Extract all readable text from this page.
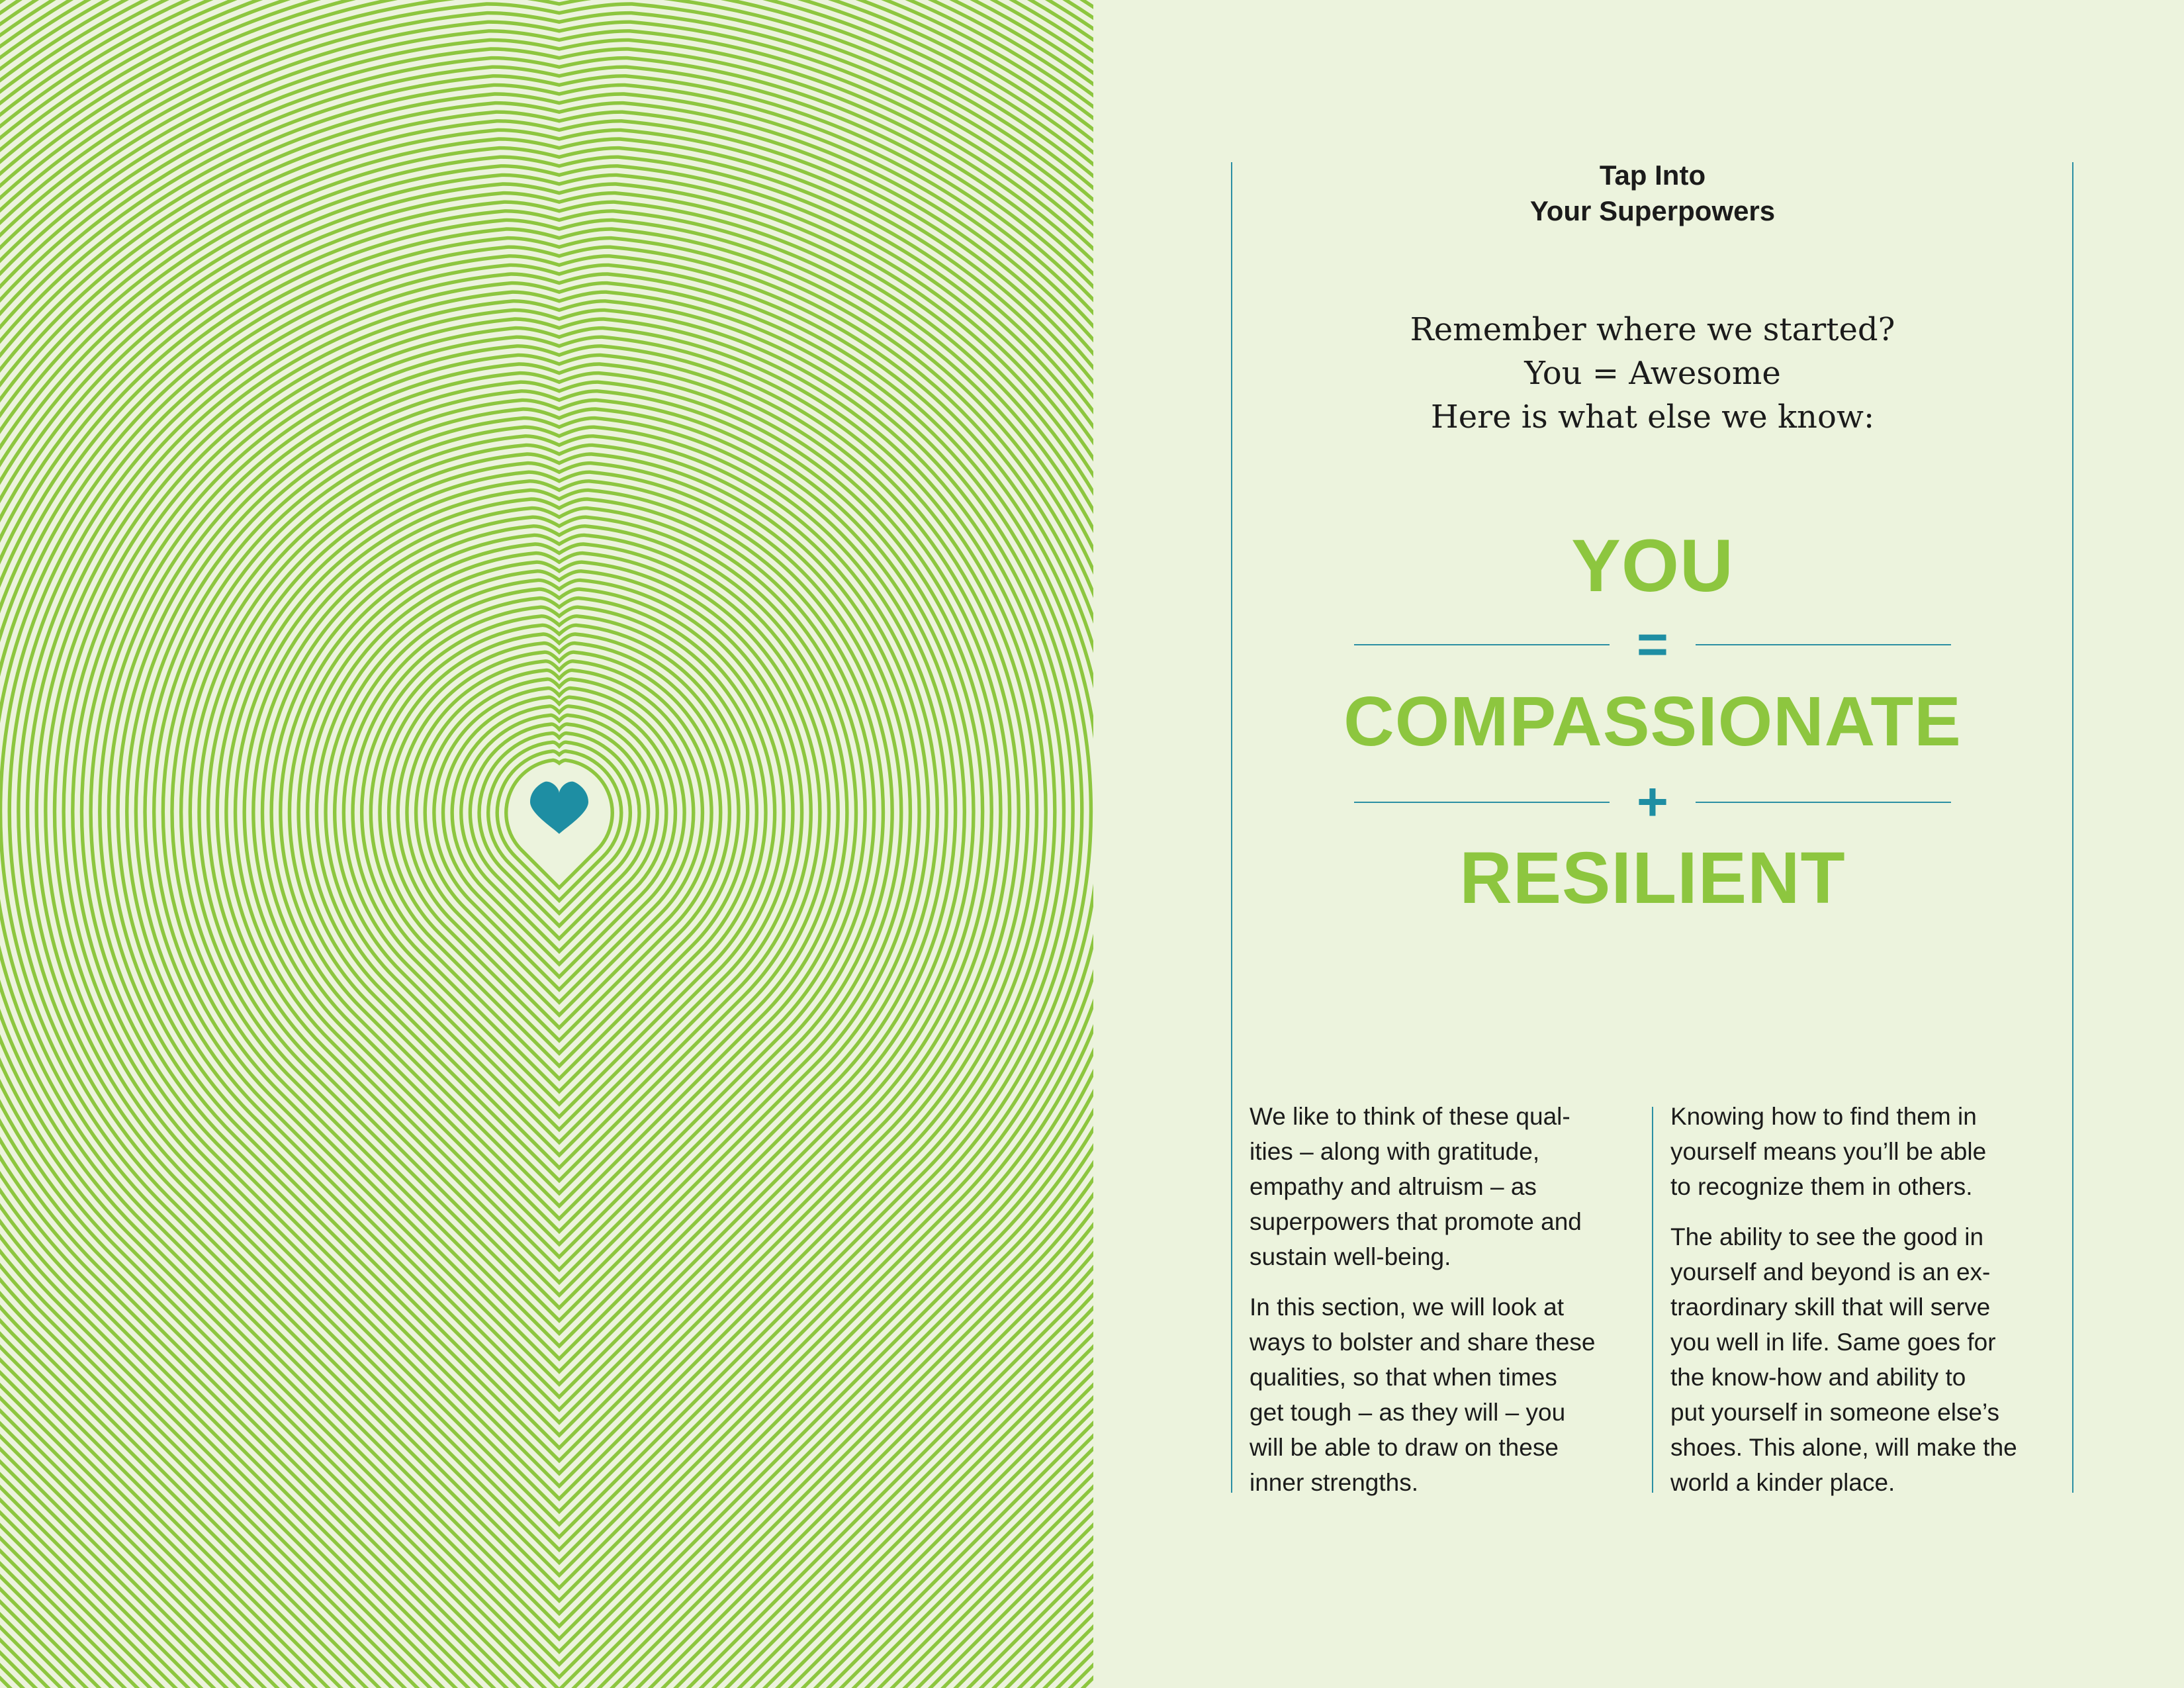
Tap Into
Your Superpowers
Remember where we started?
You = Awesome
Here is what else we know:
YOU
=
COMPASSIONATE
+
RESILIENT

We like to think of these qual-
ities – along with gratitude,
empathy and altruism – as
superpowers that promote and
sustain well-being.

In this section, we will look at
ways to bolster and share these
qualities, so that when times
get tough – as they will – you
will be able to draw on these
inner strengths.

Knowing how to find them in
yourself means you’ll be able
to recognize them in others.

The ability to see the good in
yourself and beyond is an ex-
traordinary skill that will serve
you well in life. Same goes for
the know-how and ability to
put yourself in someone else’s
shoes. This alone, will make the
world a kinder place.
